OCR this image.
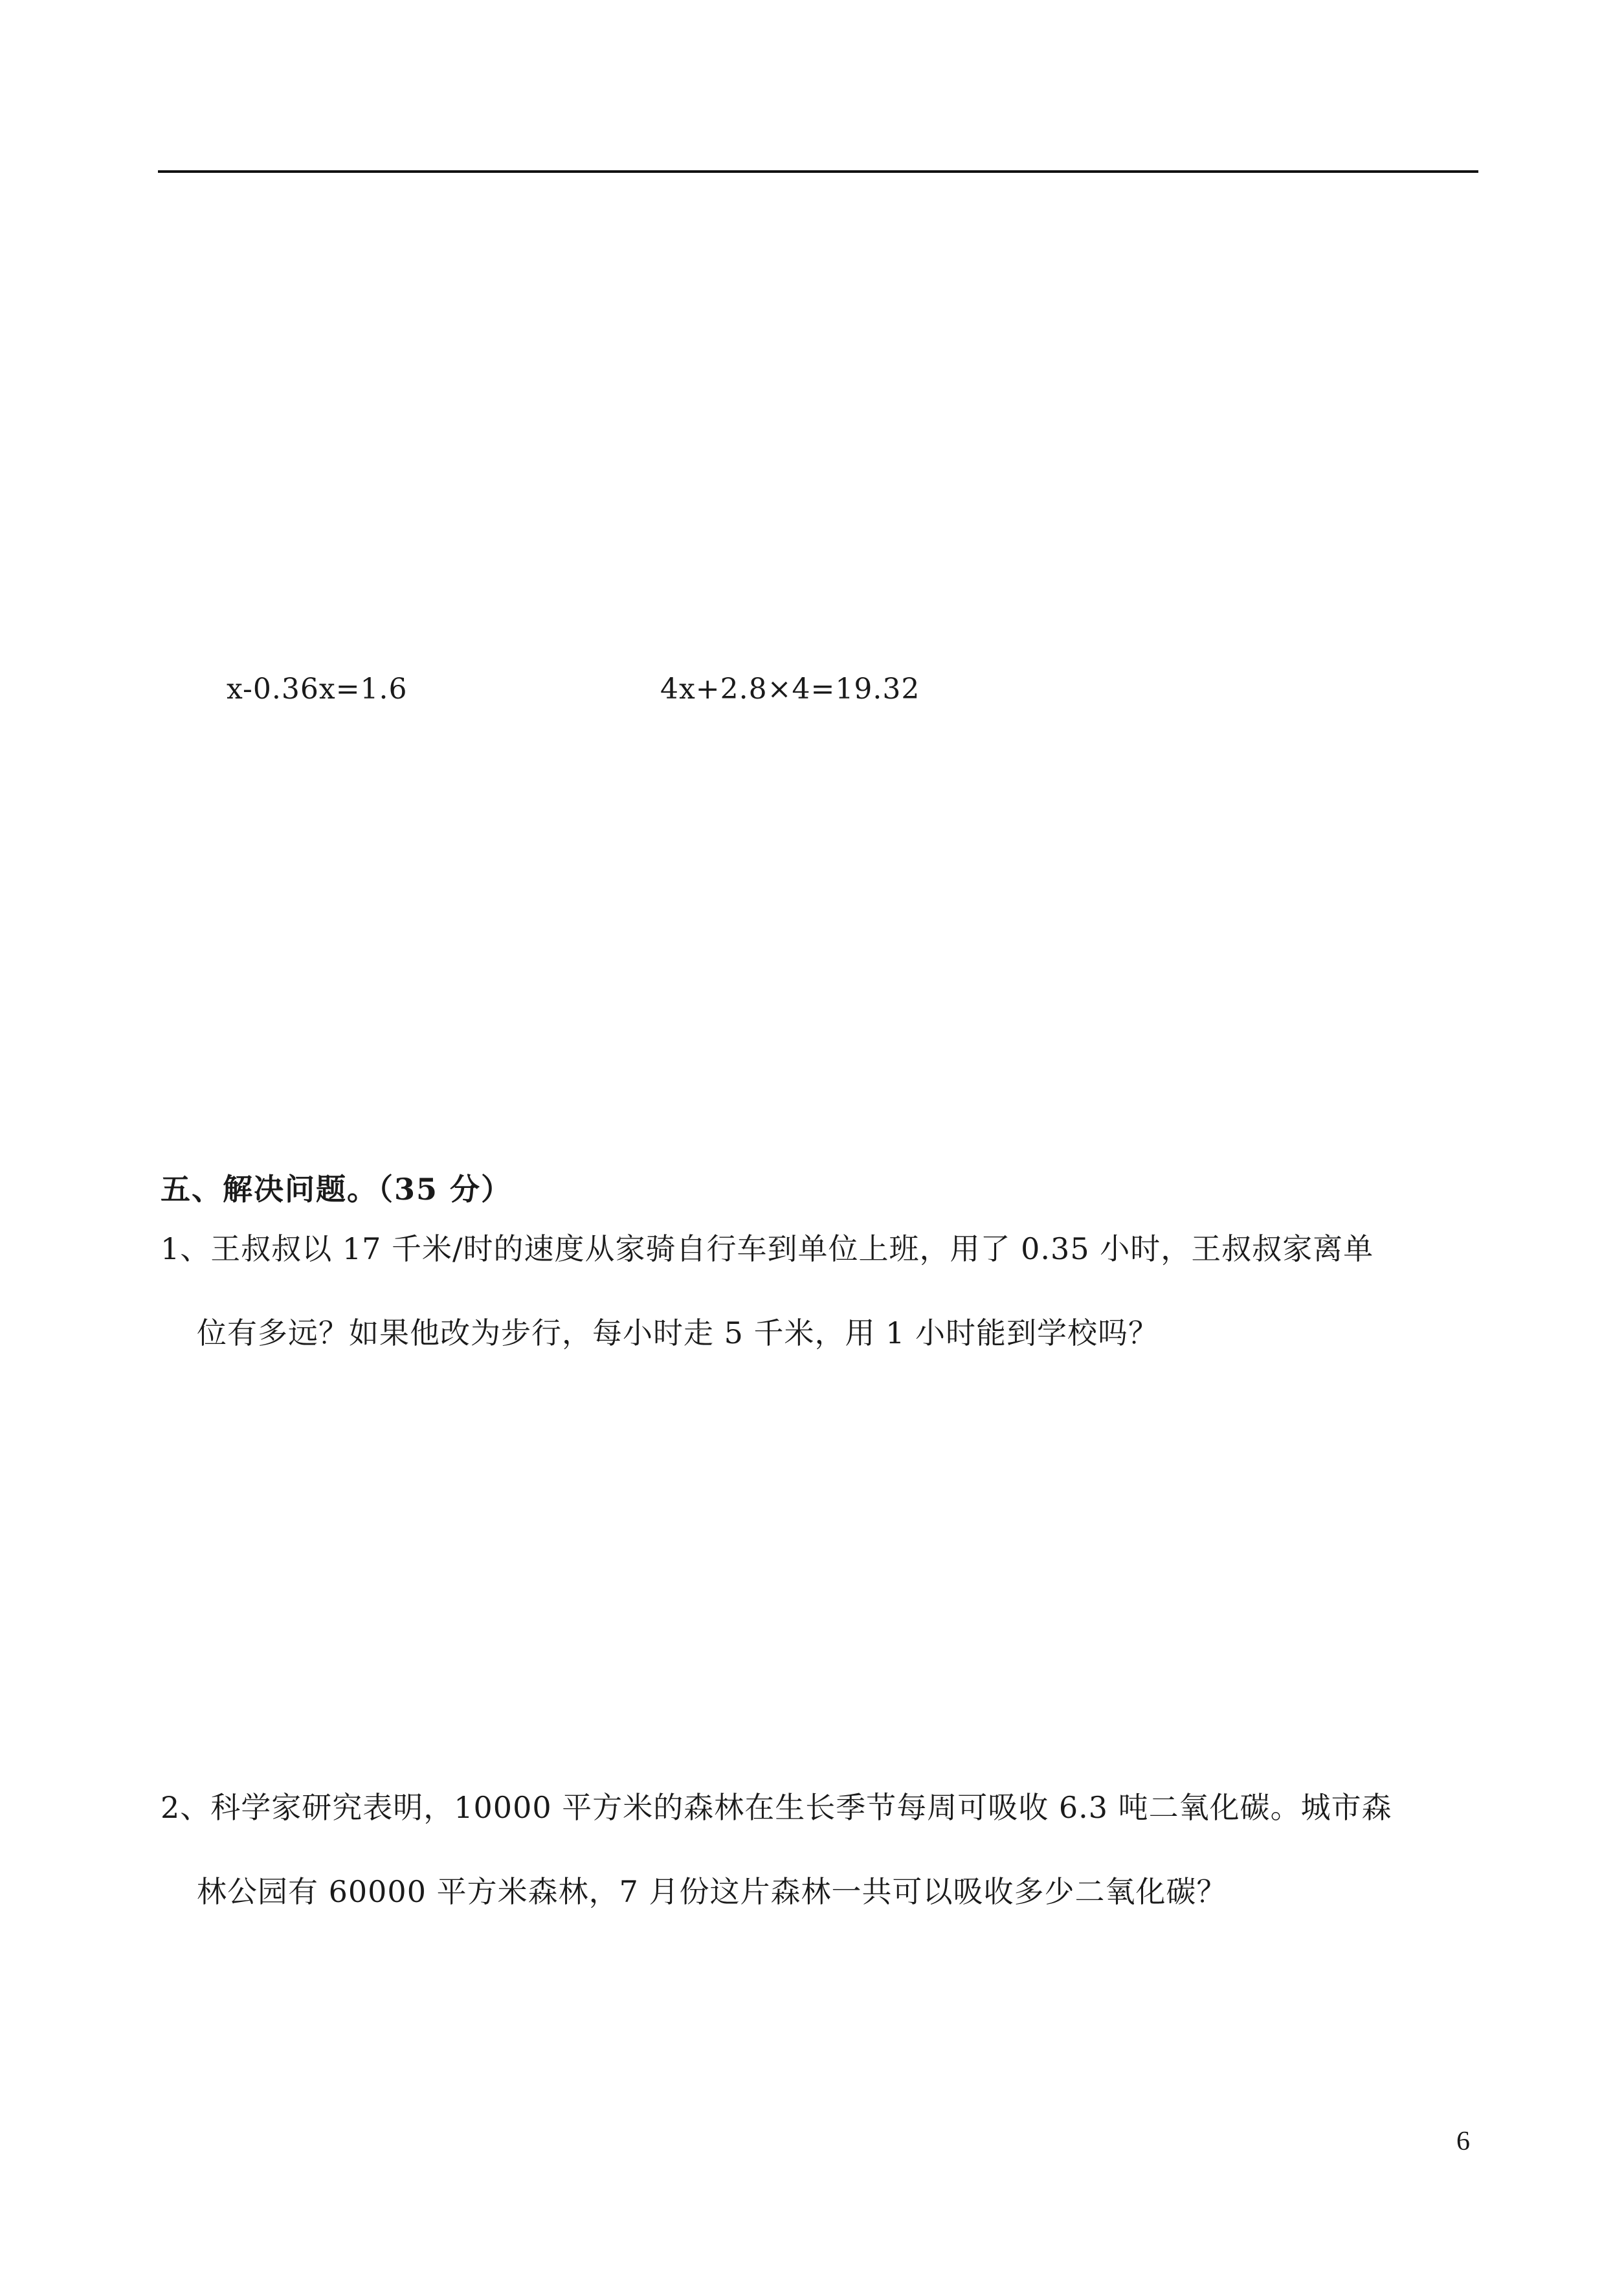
x-0.36x=1.6	4x+2.8×4=19.32
五、解决问题。（35 分）
1、王叔叔以 17 千米/时的速度从家骑自行车到单位上班，用了 0.35 小时，王叔叔家离单
位有多远？如果他改为步行，每小时走 5 千米，用 1 小时能到学校吗？
2、科学家研究表明，10000 平方米的森林在生长季节每周可吸收 6.3 吨二氧化碳。城市森
林公园有 60000 平方米森林，7 月份这片森林一共可以吸收多少二氧化碳？
6
